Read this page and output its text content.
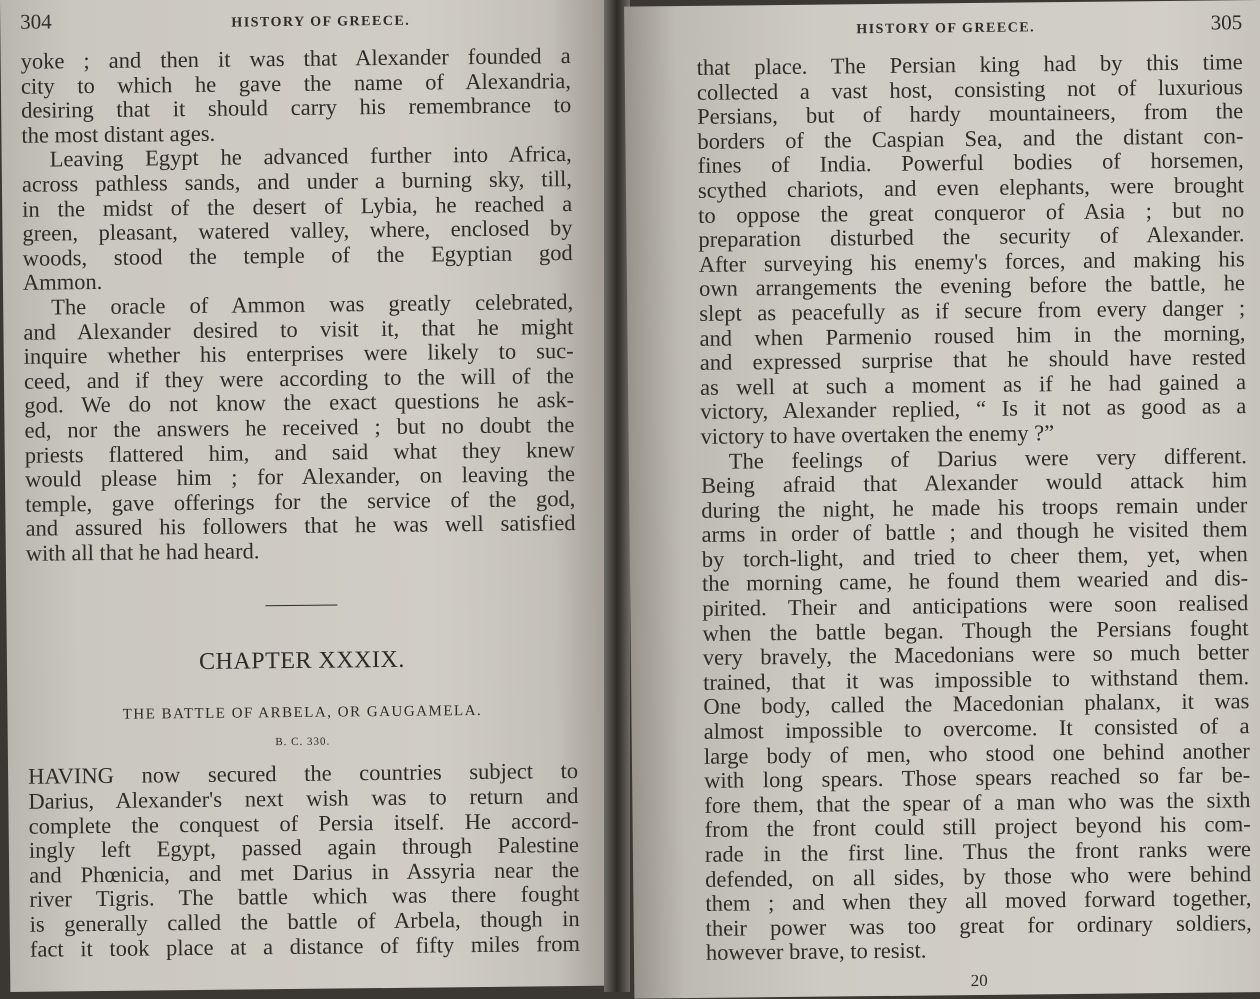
304	HISTORY OF GREECE.
yoke ; and then it was that Alexander founded a
city to which he gave the name of Alexandria,
desiring that it should carry his remembrance to
the most distant ages.
Leaving Egypt he advanced further into Africa,
across pathless sands, and under a burning sky, till,
in the midst of the desert of Lybia, he reached a
green, pleasant, watered valley, where, enclosed by
woods, stood the temple of the Egyptian god
Ammon.
The oracle of Ammon was greatly celebrated,
and Alexander desired to visit it, that he might
inquire whether his enterprises were likely to suc-
ceed, and if they were according to the will of the
god. We do not know the exact questions he ask-
ed, nor the answers he received ; but no doubt the
priests flattered him, and said what they knew
would please him ; for Alexander, on leaving the
temple, gave offerings for the service of the god,
and assured his followers that he was well satisfied
with all that he had heard.
CHAPTER XXXIX.
THE BATTLE OF ARBELA, OR GAUGAMELA.
B. C. 330.
HAVING now secured the countries subject to
Darius, Alexander's next wish was to return and
complete the conquest of Persia itself. He accord-
ingly left Egypt, passed again through Palestine
and Phœnicia, and met Darius in Assyria near the
river Tigris. The battle which was there fought
is generally called the battle of Arbela, though in
fact it took place at a distance of fifty miles from
HISTORY OF GREECE.	305
that place. The Persian king had by this time
collected a vast host, consisting not of luxurious
Persians, but of hardy mountaineers, from the
borders of the Caspian Sea, and the distant con-
fines of India. Powerful bodies of horsemen,
scythed chariots, and even elephants, were brought
to oppose the great conqueror of Asia ; but no
preparation disturbed the security of Alexander.
After surveying his enemy's forces, and making his
own arrangements the evening before the battle, he
slept as peacefully as if secure from every danger ;
and when Parmenio roused him in the morning,
and expressed surprise that he should have rested
as well at such a moment as if he had gained a
victory, Alexander replied, “ Is it not as good as a
victory to have overtaken the enemy ?”
The feelings of Darius were very different.
Being afraid that Alexander would attack him
during the night, he made his troops remain under
arms in order of battle ; and though he visited them
by torch-light, and tried to cheer them, yet, when
the morning came, he found them wearied and dis-
pirited. Their and anticipations were soon realised
when the battle began. Though the Persians fought
very bravely, the Macedonians were so much better
trained, that it was impossible to withstand them.
One body, called the Macedonian phalanx, it was
almost impossible to overcome. It consisted of a
large body of men, who stood one behind another
with long spears. Those spears reached so far be-
fore them, that the spear of a man who was the sixth
from the front could still project beyond his com-
rade in the first line. Thus the front ranks were
defended, on all sides, by those who were behind
them ; and when they all moved forward together,
their power was too great for ordinary soldiers,
however brave, to resist.
20
